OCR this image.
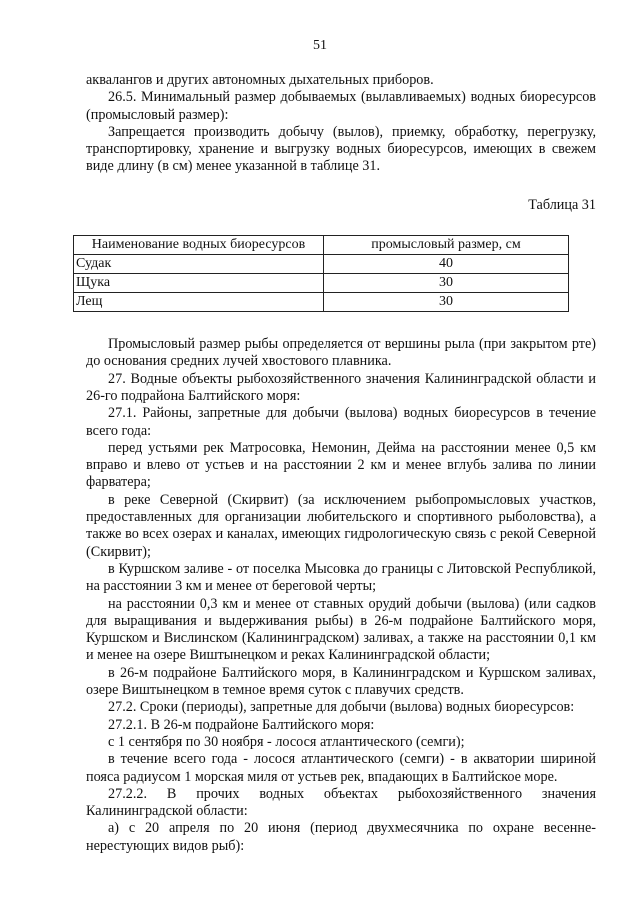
51

аквалангов и других автономных дыхательных приборов.

26.5. Минимальный размер добываемых (вылавливаемых) водных биоресурсов (промысловый размер):

Запрещается производить добычу (вылов), приемку, обработку, перегрузку, транспортировку, хранение и выгрузку водных биоресурсов, имеющих в свежем виде длину (в см) менее указанной в таблице 31.

Таблица 31

Наименование водных биоресурсов	промысловый размер, см
Судак	40
Щука	30
Лещ	30

Промысловый размер рыбы определяется от вершины рыла (при закрытом рте) до основания средних лучей хвостового плавника.

27. Водные объекты рыбохозяйственного значения Калининградской области и 26-го подрайона Балтийского моря:

27.1. Районы, запретные для добычи (вылова) водных биоресурсов в течение всего года:

перед устьями рек Матросовка, Немонин, Дейма на расстоянии менее 0,5 км вправо и влево от устьев и на расстоянии 2 км и менее вглубь залива по линии фарватера;

в реке Северной (Скирвит) (за исключением рыбопромысловых участков, предоставленных для организации любительского и спортивного рыболовства), а также во всех озерах и каналах, имеющих гидрологическую связь с рекой Северной (Скирвит);

в Куршском заливе - от поселка Мысовка до границы с Литовской Республикой, на расстоянии 3 км и менее от береговой черты;

на расстоянии 0,3 км и менее от ставных орудий добычи (вылова) (или садков для выращивания и выдерживания рыбы) в 26-м подрайоне Балтийского моря, Куршском и Вислинском (Калининградском) заливах, а также на расстоянии 0,1 км и менее на озере Виштынецком и реках Калининградской области;

в 26-м подрайоне Балтийского моря, в Калининградском и Куршском заливах, озере Виштынецком в темное время суток с плавучих средств.

27.2. Сроки (периоды), запретные для добычи (вылова) водных биоресурсов:

27.2.1. В 26-м подрайоне Балтийского моря:

с 1 сентября по 30 ноября - лосося атлантического (семги);

в течение всего года - лосося атлантического (семги) - в акватории шириной пояса радиусом 1 морская миля от устьев рек, впадающих в Балтийское море.

27.2.2. В прочих водных объектах рыбохозяйственного значения Калининградской области:

а) с 20 апреля по 20 июня (период двухмесячника по охране весенне-нерестующих видов рыб):
